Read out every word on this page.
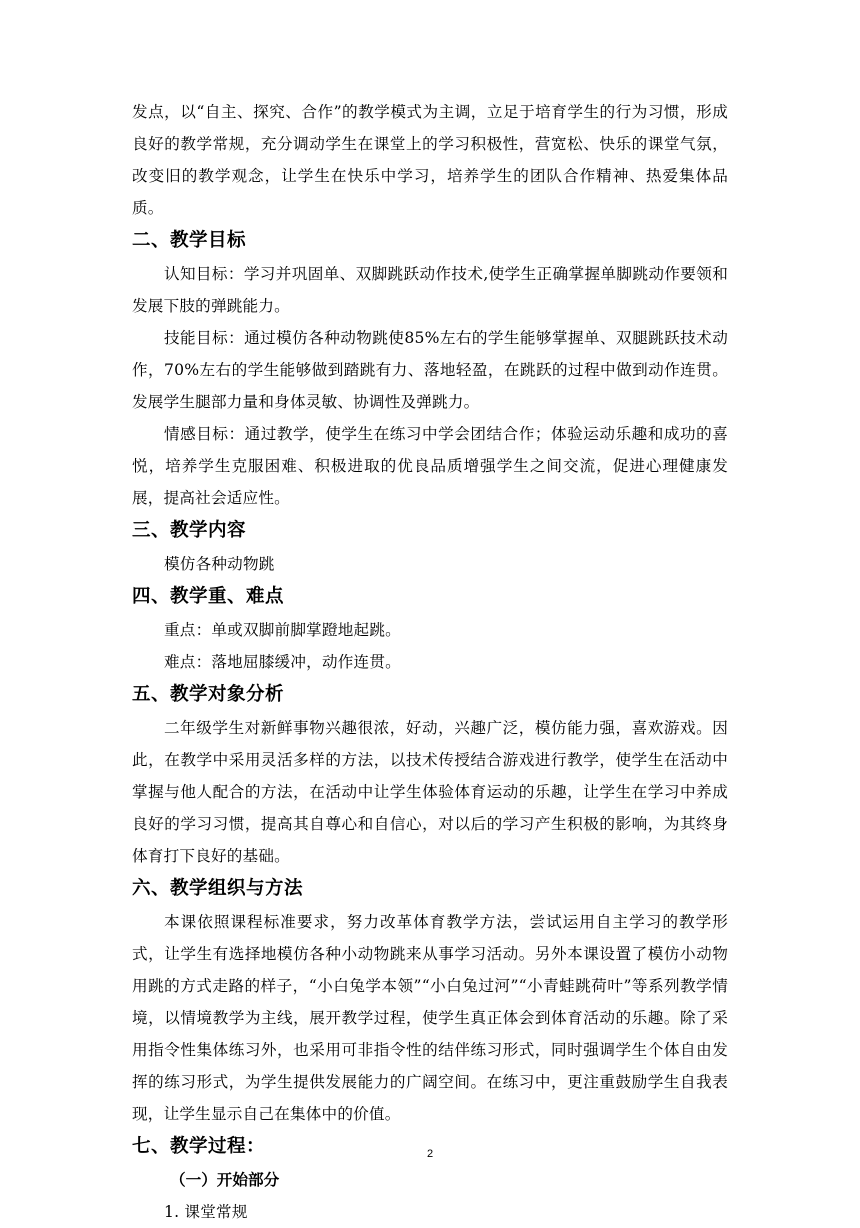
发点，以“自主、探究、合作”的教学模式为主调，立足于培育学生的行为习惯，形成良好的教学常规，充分调动学生在课堂上的学习积极性，营宽松、快乐的课堂气氛，改变旧的教学观念，让学生在快乐中学习，培养学生的团队合作精神、热爱集体品质。

二、教学目标

认知目标：学习并巩固单、双脚跳跃动作技术,使学生正确掌握单脚跳动作要领和发展下肢的弹跳能力。

技能目标：通过模仿各种动物跳使85%左右的学生能够掌握单、双腿跳跃技术动作，70%左右的学生能够做到踏跳有力、落地轻盈，在跳跃的过程中做到动作连贯。发展学生腿部力量和身体灵敏、协调性及弹跳力。

情感目标：通过教学，使学生在练习中学会团结合作；体验运动乐趣和成功的喜悦，培养学生克服困难、积极进取的优良品质增强学生之间交流，促进心理健康发展，提高社会适应性。

三、教学内容

模仿各种动物跳

四、教学重、难点

重点：单或双脚前脚掌蹬地起跳。

难点：落地屈膝缓冲，动作连贯。

五、教学对象分析

二年级学生对新鲜事物兴趣很浓，好动，兴趣广泛，模仿能力强，喜欢游戏。因此，在教学中采用灵活多样的方法，以技术传授结合游戏进行教学，使学生在活动中掌握与他人配合的方法，在活动中让学生体验体育运动的乐趣，让学生在学习中养成良好的学习习惯，提高其自尊心和自信心，对以后的学习产生积极的影响，为其终身体育打下良好的基础。

六、教学组织与方法

本课依照课程标准要求，努力改革体育教学方法，尝试运用自主学习的教学形式，让学生有选择地模仿各种小动物跳来从事学习活动。另外本课设置了模仿小动物用跳的方式走路的样子，“小白兔学本领”“小白兔过河”“小青蛙跳荷叶”等系列教学情境，以情境教学为主线，展开教学过程，使学生真正体会到体育活动的乐趣。除了采用指令性集体练习外，也采用可非指令性的结伴练习形式，同时强调学生个体自由发挥的练习形式，为学生提供发展能力的广阔空间。在练习中，更注重鼓励学生自我表现，让学生显示自己在集体中的价值。

七、教学过程：
（一）开始部分

1. 课堂常规

2
